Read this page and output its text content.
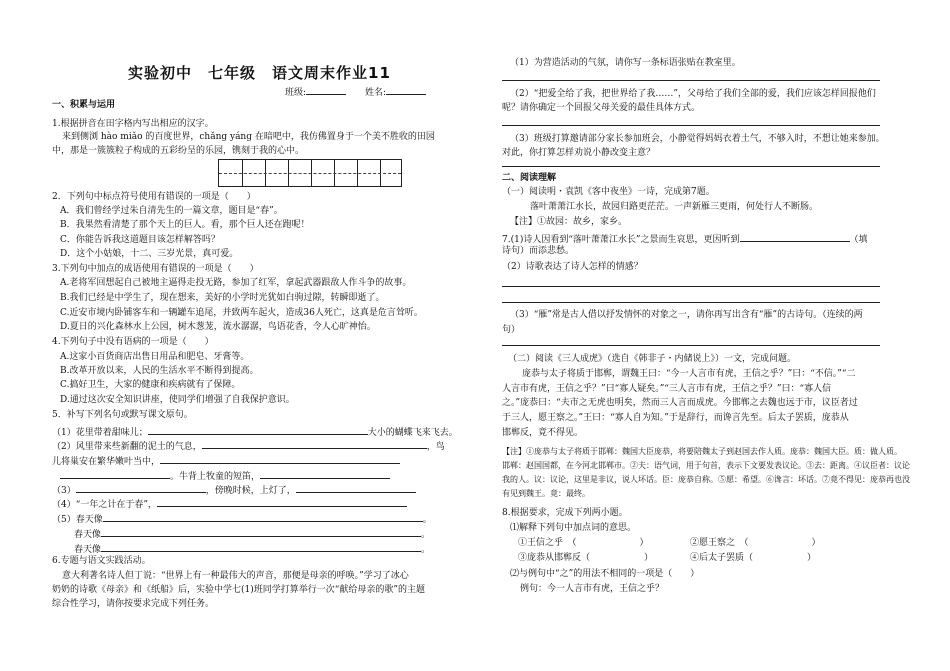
实验初中　七年级　语文周末作业11
班级:	姓名:
一、积累与运用
1.根据拼音在田字格内写出相应的汉字。
来到侧浏 hào miǎo 的百度世界，chǎng yáng 在暗吧中，我仿佛置身于一个美不胜收的田园
中，那是一簇簇粒子构成的五彩纷呈的乐园，镌刻于我的心中。
2．下列句中标点符号使用有错误的一项是（　　）
A．我们曾经学过朱自清先生的一篇文章，题目是“春”。
B．我果然看清楚了那个天上的巨人。看，那个巨人还在跑呢！
C．你能告诉我这道题目该怎样解答吗？
D．这个小姑娘，十二、三岁光景，真可爱。
3.下列句中加点的成语使用有错误的一项是（　　）
A.老将军回想起自己被地主逼得走投无路，参加了红军，拿起武器跟敌人作斗争的故事。
B.我们已经是中学生了，现在想来，美好的小学时光犹如白驹过隙，转瞬即逝了。
C.近安市境内卧铺客车和一辆罐车追尾，并致两车起火，造成36人死亡，这真是危言耸听。
D.夏日的兴化森林水上公园，树木葱茏，流水潺潺，鸟语花香，令人心旷神怡。
4.下列句子中没有语病的一项是（　　）
A.这家小百货商店出售日用品和肥皂、牙膏等。
B.改革开放以来，人民的生活水平不断得到提高。
C.搞好卫生，大家的健康和疾病就有了保障。
D.通过这次安全知识讲座，使同学们增强了自我保护意识。
5．补写下列名句或默写课文原句。
（1）花里带着甜味儿；	大小的蝴蝶飞来飞去。
（2）风里带来些新翻的泥土的气息，	，鸟
儿将巢安在繁华嫩叶当中，
。牛背上牧童的短笛，
（3）	，傍晚时候，上灯了，
（4）“一年之计在于春”，
（5）春天像	。
春天像	。
春天像	。
6.专题与语文实践活动。
意大利著名诗人但丁说：“世界上有一种最伟大的声音，那便是母亲的呼唤。”学习了冰心
奶奶的诗歌《母亲》和《纸船》后，实验中学七(1)班同学打算举行一次“献给母亲的歌”的主题
综合性学习，请你按要求完成下列任务。
（1）为营造活动的气氛，请你写一条标语张贴在教室里。
（2）“把爱全给了我，把世界给了我……”，父母给了我们全部的爱，我们应该怎样回报他们
呢？请你确定一个回报父母关爱的最佳具体方式。
（3）班级打算邀请部分家长参加班会，小静觉得妈妈衣着土气，不够入时，不想让她来参加。
对此，你打算怎样劝说小静改变主意？
二、阅读理解
（一）阅读明・袁凯《客中夜坐》一诗，完成第7题。
落叶萧萧江水长，故园归路更茫茫。一声新雁三更雨，何处行人不断肠。
【注】①故园：故乡，家乡。
7.(1)诗人因看到“落叶萧萧江水长”之景而生哀思，更因听到	（填
诗句）而添悲愁。
（2）诗歌表达了诗人怎样的情感？
（3）“雁”常是古人借以抒发情怀的对象之一，请你再写出含有“雁”的古诗句。（连续的两
句）
（二）阅读《三人成虎》（选自《韩非子・内储说上》）一文，完成问题。
庞恭与太子将质于邯郸，谓魏王曰：“今一人言市有虎，王信之乎？”曰：“不信。”“二
人言市有虎，王信之乎？”曰“寡人疑矣。”“三人言市有虎，王信之乎？”曰：“寡人信
之。”庞恭曰：“夫市之无虎也明矣，然而三人言而成虎。今邯郸之去魏也远于市，议臣者过
于三人，愿王察之。”王曰：“寡人自为知。”于是辞行，而谗言先至。后太子罢质，庞恭从
邯郸反，竟不得见。
【注】①庞恭与太子将质于邯郸：魏国大臣庞恭，将要陪魏太子到赵国去作人质。庞恭：魏国大臣。质：做人质。
邯郸：赵国国都，在今河北邯郸市。②夫：语气词，用于句首，表示下文要发表议论。③去：距离。④议臣者：议论
我的人。议：议论，这里是非议，说人坏话。臣：庞恭自称。⑤愿：希望。⑥谗言：坏话。⑦竟不得见：庞恭再也没
有见到魏王。竟：最终。
8.根据要求，完成下列两小题。
⑴解释下列句中加点词的意思。
①王信之乎　（　　　　　　　）	②愿王察之　（　　　　　　　）
③庞恭从邯郸反（　　　　　　）	④后太子罢质（　　　　　　）
⑵与例句中“之”的用法不相同的一项是（　　）
例句：今一人言市有虎，王信之乎？
